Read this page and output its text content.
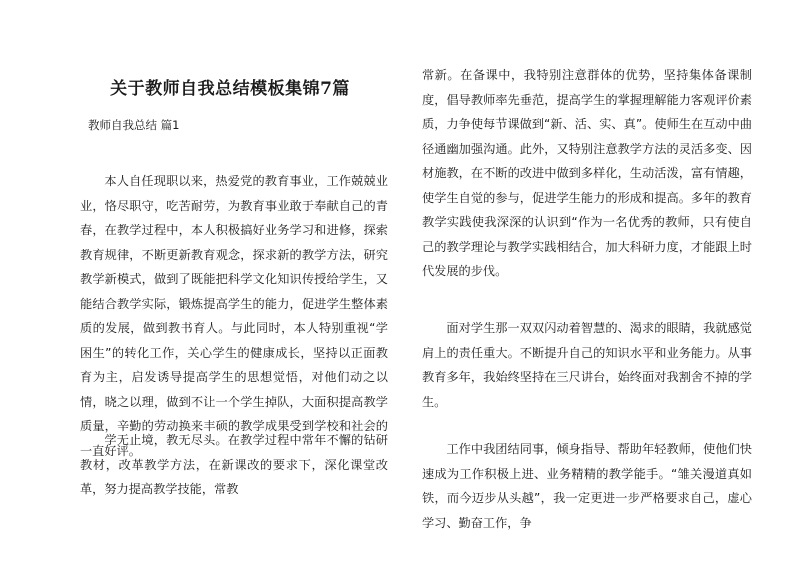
关于教师自我总结模板集锦7篇
教师自我总结 篇1

本人自任现职以来，热爱党的教育事业，工作兢兢业业，恪尽职守，吃苦耐劳，为教育事业敢于奉献自己的青春，在教学过程中，本人积极搞好业务学习和进修，探索教育规律，不断更新教育观念，探求新的教学方法，研究教学新模式，做到了既能把科学文化知识传授给学生，又能结合教学实际，锻炼提高学生的能力，促进学生整体素质的发展，做到教书育人。与此同时，本人特别重视“学困生”的转化工作，关心学生的健康成长，坚持以正面教育为主，启发诱导提高学生的思想觉悟，对他们动之以情，晓之以理，做到不让一个学生掉队，大面积提高教学质量，辛勤的劳动换来丰硕的教学成果受到学校和社会的一直好评。

学无止境，教无尽头。在教学过程中常年不懈的钻研教材，改革教学方法，在新课改的要求下，深化课堂改革，努力提高教学技能，常教

常新。在备课中，我特别注意群体的优势，坚持集体备课制度，倡导教师率先垂范，提高学生的掌握理解能力客观评价素质，力争使每节课做到“新、活、实、真”。使师生在互动中曲径通幽加强沟通。此外，又特别注意教学方法的灵活多变、因材施教，在不断的改进中做到多样化，生动活泼，富有情趣，使学生自觉的参与，促进学生能力的形成和提高。多年的教育教学实践使我深深的认识到“作为一名优秀的教师，只有使自己的教学理论与教学实践相结合，加大科研力度，才能跟上时代发展的步伐。

面对学生那一双双闪动着智慧的、渴求的眼睛，我就感觉肩上的责任重大。不断提升自己的知识水平和业务能力。从事教育多年，我始终坚持在三尺讲台，始终面对我割舍不掉的学生。

工作中我团结同事，倾身指导、帮助年轻教师，使他们快速成为工作积极上进、业务精精的教学能手。“雏关漫道真如铁，而今迈步从头越”，我一定更进一步严格要求自己，虚心学习、勤奋工作，争
